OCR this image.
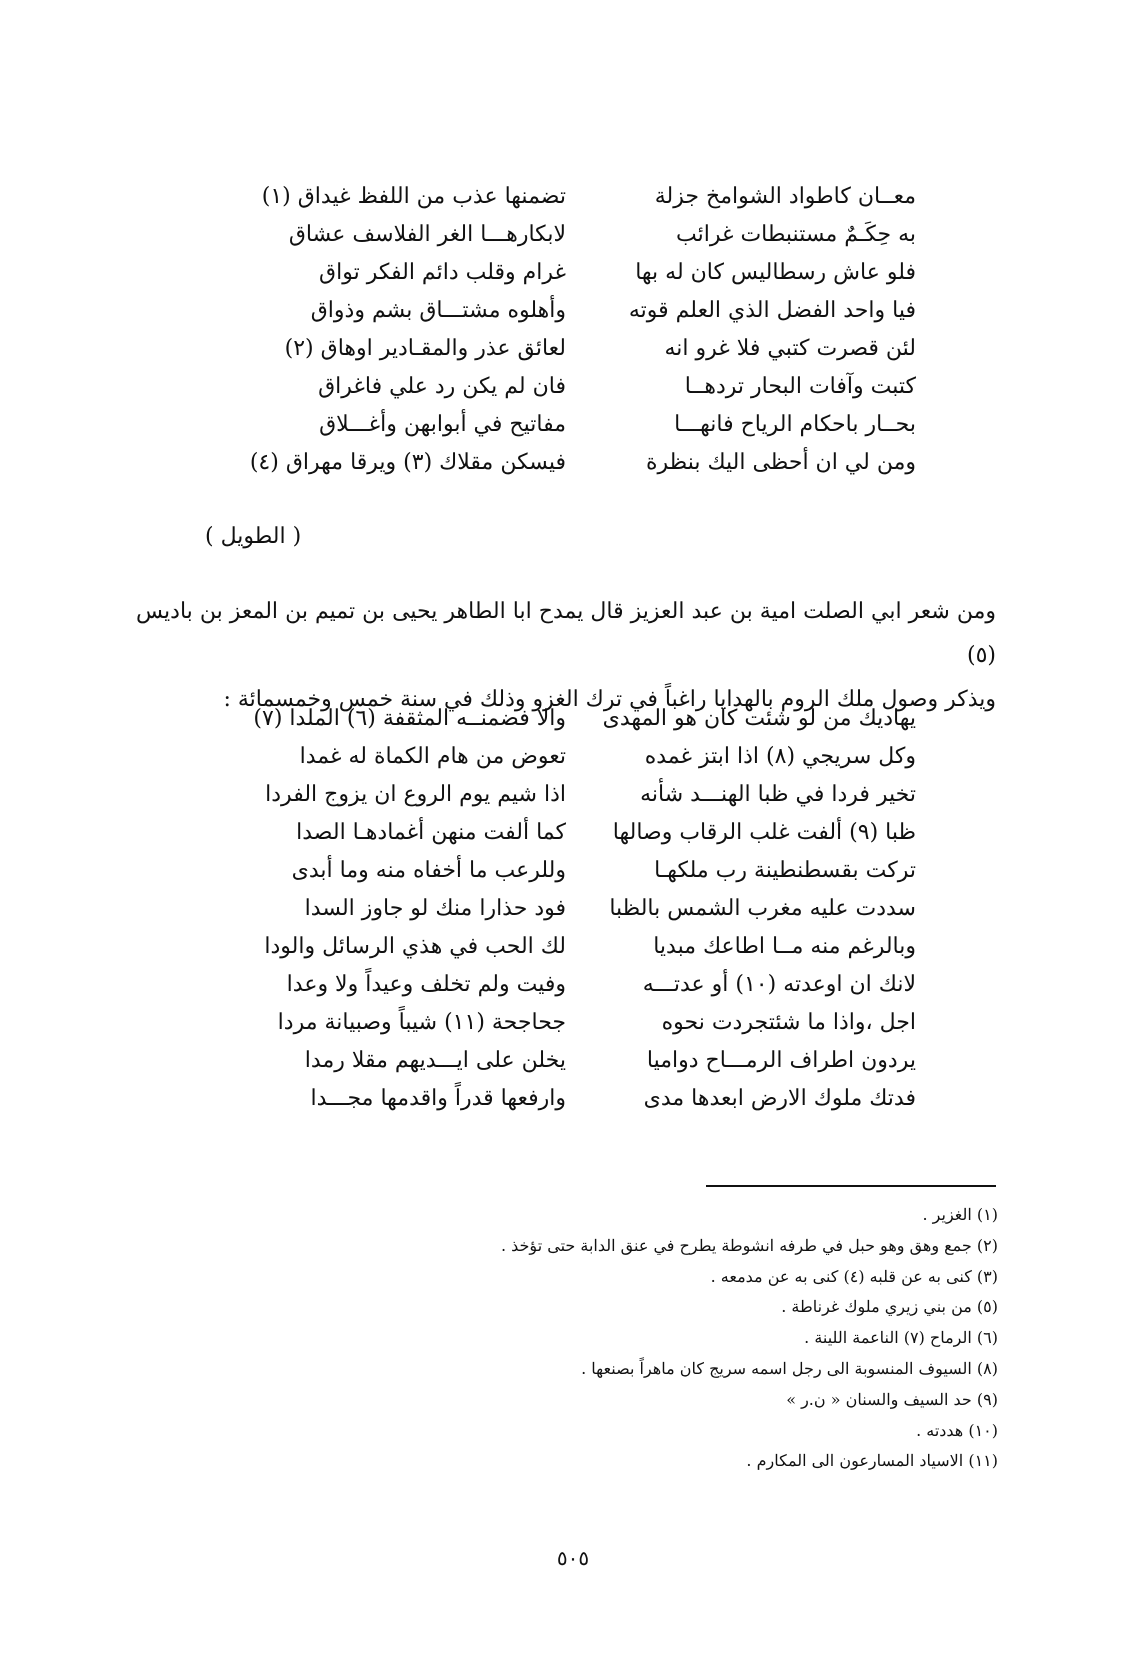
معــان كاطواد الشوامخ جزلة
تضمنها عذب من اللفظ غيداق (١)
به حِكَـمٌ مستنبطات غرائب
لابكارهـــا الغر الفلاسف عشاق
فلو عاش رسطاليس كان له بها
غرام وقلب دائم الفكر تواق
فيا واحد الفضل الذي العلم قوته
وأهلوه مشتـــاق بشم وذواق
لئن قصرت كتبي فلا غرو انه
لعائق عذر والمقـادير اوهاق (٢)
كتبت وآفات البحار تردهــا
فان لم يكن رد علي فاغراق
بحــار باحكام الرياح فانهـــا
مفاتيح في أبوابهن وأغـــلاق
ومن لي ان أحظى اليك بنظرة
فيسكن مقلاك (٣) ويرقا مهراق (٤)
( الطويل )

ومن شعر ابي الصلت امية بن عبد العزيز قال يمدح ابا الطاهر يحيى بن تميم بن المعز بن باديس (٥)

ويذكر وصول ملك الروم بالهدايا راغباً في ترك الغزو وذلك في سنة خمس وخمسمائة :

يهاديك من لو شئت كان هو المهدى
والا فضمنــه المثقفة (٦) الملدا (٧)
وكل سريجي (٨) اذا ابتز غمده
تعوض من هام الكماة له غمدا
تخير فردا في ظبا الهنـــد شأنه
اذا شيم يوم الروع ان يزوج الفردا
ظبا (٩) ألفت غلب الرقاب وصالها
كما ألفت منهن أغمادهـا الصدا
تركت بقسطنطينة رب ملكهـا
وللرعب ما أخفاه منه وما أبدى
سددت عليه مغرب الشمس بالظبا
فود حذارا منك لو جاوز السدا
وبالرغم منه مــا اطاعك مبديا
لك الحب في هذي الرسائل والودا
لانك ان اوعدته (١٠) أو عدتـــه
وفيت ولم تخلف وعيداً ولا وعدا
اجل ،واذا ما شئتجردت نحوه
جحاجحة (١١) شيباً وصبيانة مردا
يردون اطراف الرمـــاح دواميا
يخلن على ايـــديهم مقلا رمدا
فدتك ملوك الارض ابعدها مدى
وارفعها قدراً واقدمها مجـــدا
(١) الغزير .
(٢) جمع وهق وهو حبل في طرفه انشوطة يطرح في عنق الدابة حتى تؤخذ .
(٣) كنى به عن قلبه (٤) كنى به عن مدمعه .
(٥) من بني زيري ملوك غرناطة .
(٦) الرماح (٧) الناعمة اللينة .
(٨) السيوف المنسوبة الى رجل اسمه سريج كان ماهراً بصنعها .
(٩) حد السيف والسنان « ن.ر »
(١٠) هددته .
(١١) الاسياد المسارعون الى المكارم .
٥٠٥
